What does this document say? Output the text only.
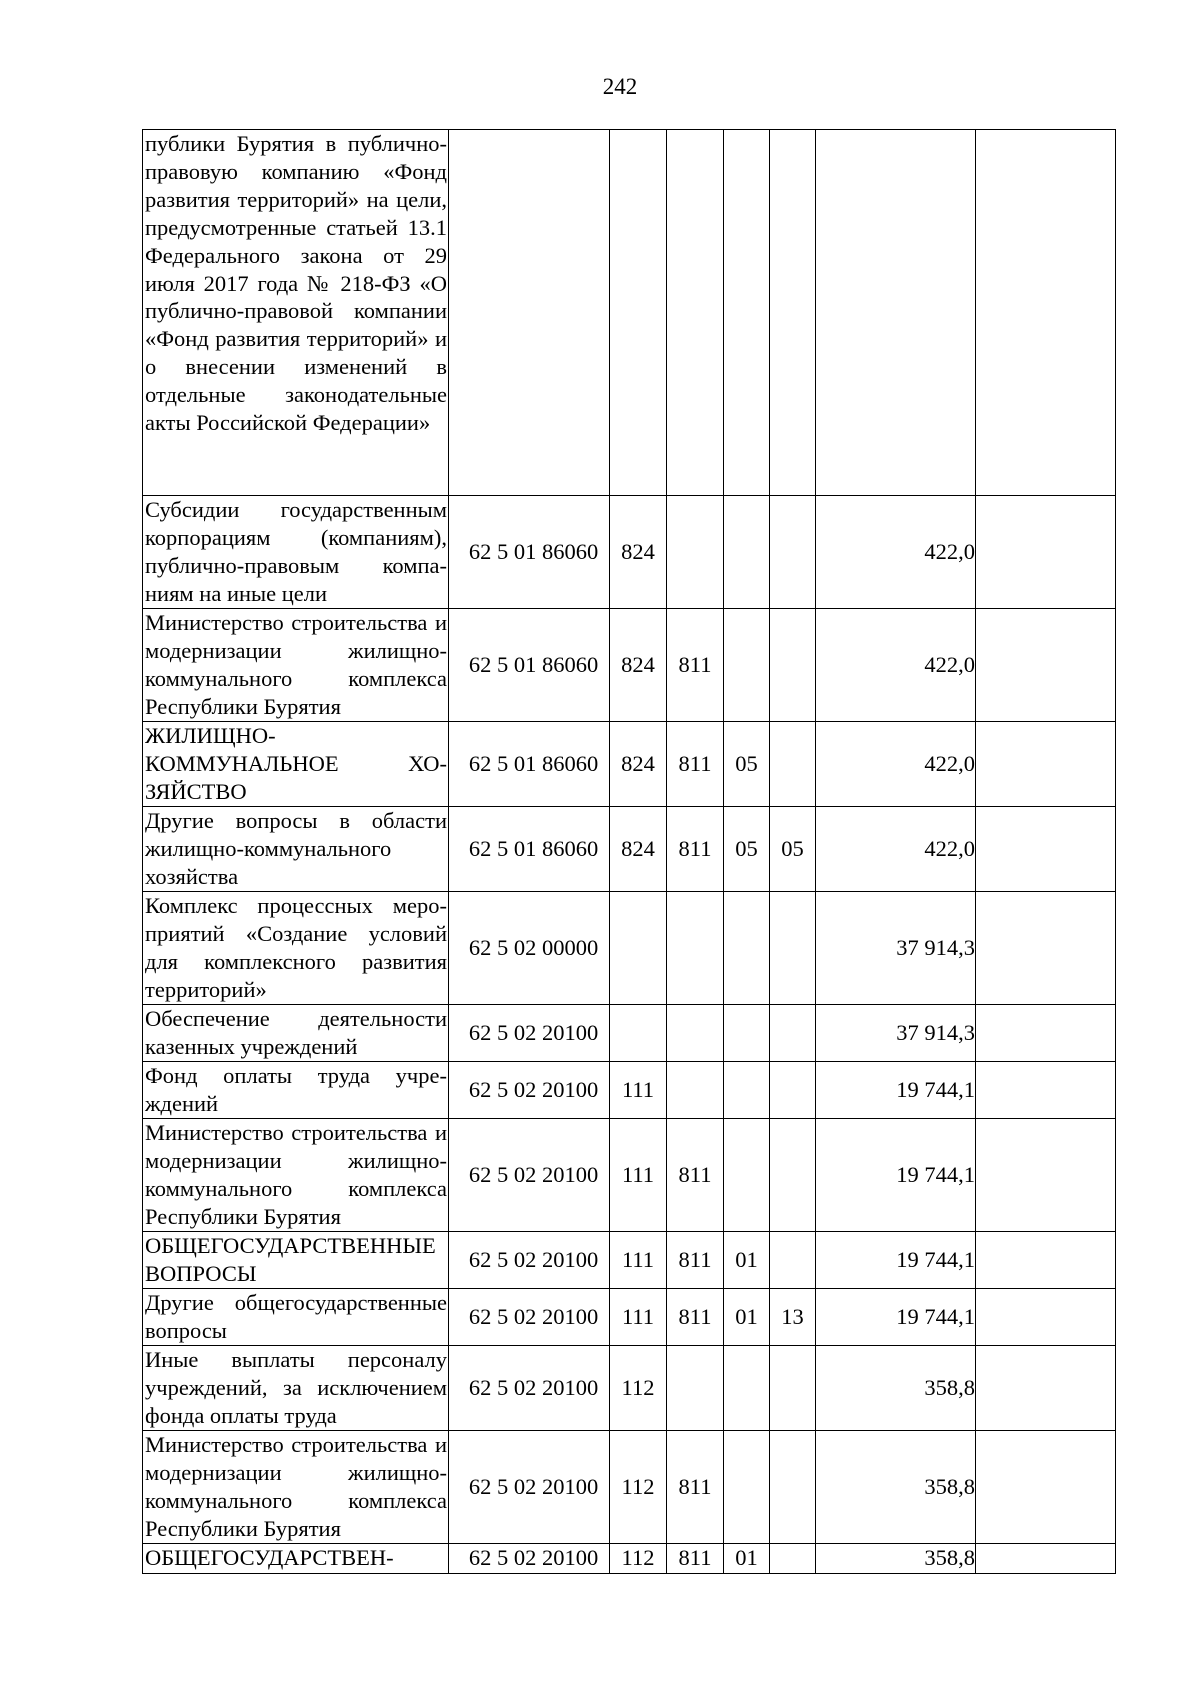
242
публики Бурятия в публично-правовую компанию «Фонд развития территорий» на цели, предусмотренные статьей 13.1 Федерального закона от 29 июля 2017 года № 218-ФЗ «О публично-правовой компании «Фонд развития территорий» и о внесении изменений в отдельные законодательные акты Российской Федерации»							
Субсидии государственным корпорациям (компаниям), публично-правовым компаниям на иные цели	62 5 01 86060	824				422,0	
Министерство строительства и модернизации жилищно-коммунального комплекса Республики Бурятия	62 5 01 86060	824	811			422,0	
ЖИЛИЩНО-КОММУНАЛЬНОЕ ХОЗЯЙСТВО	62 5 01 86060	824	811	05		422,0	
Другие вопросы в области жилищно-коммунального хозяйства	62 5 01 86060	824	811	05	05	422,0	
Комплекс процессных мероприятий «Создание условий для комплексного развития территорий»	62 5 02 00000					37 914,3	
Обеспечение деятельности казенных учреждений	62 5 02 20100					37 914,3	
Фонд оплаты труда учреждений	62 5 02 20100	111				19 744,1	
Министерство строительства и модернизации жилищно-коммунального комплекса Республики Бурятия	62 5 02 20100	111	811			19 744,1	
ОБЩЕГОСУДАРСТВЕННЫЕ ВОПРОСЫ	62 5 02 20100	111	811	01		19 744,1	
Другие общегосударственные вопросы	62 5 02 20100	111	811	01	13	19 744,1	
Иные выплаты персоналу учреждений, за исключением фонда оплаты труда	62 5 02 20100	112				358,8	
Министерство строительства и модернизации жилищно-коммунального комплекса Республики Бурятия	62 5 02 20100	112	811			358,8	
ОБЩЕГОСУДАРСТВЕН-	62 5 02 20100	112	811	01		358,8	
